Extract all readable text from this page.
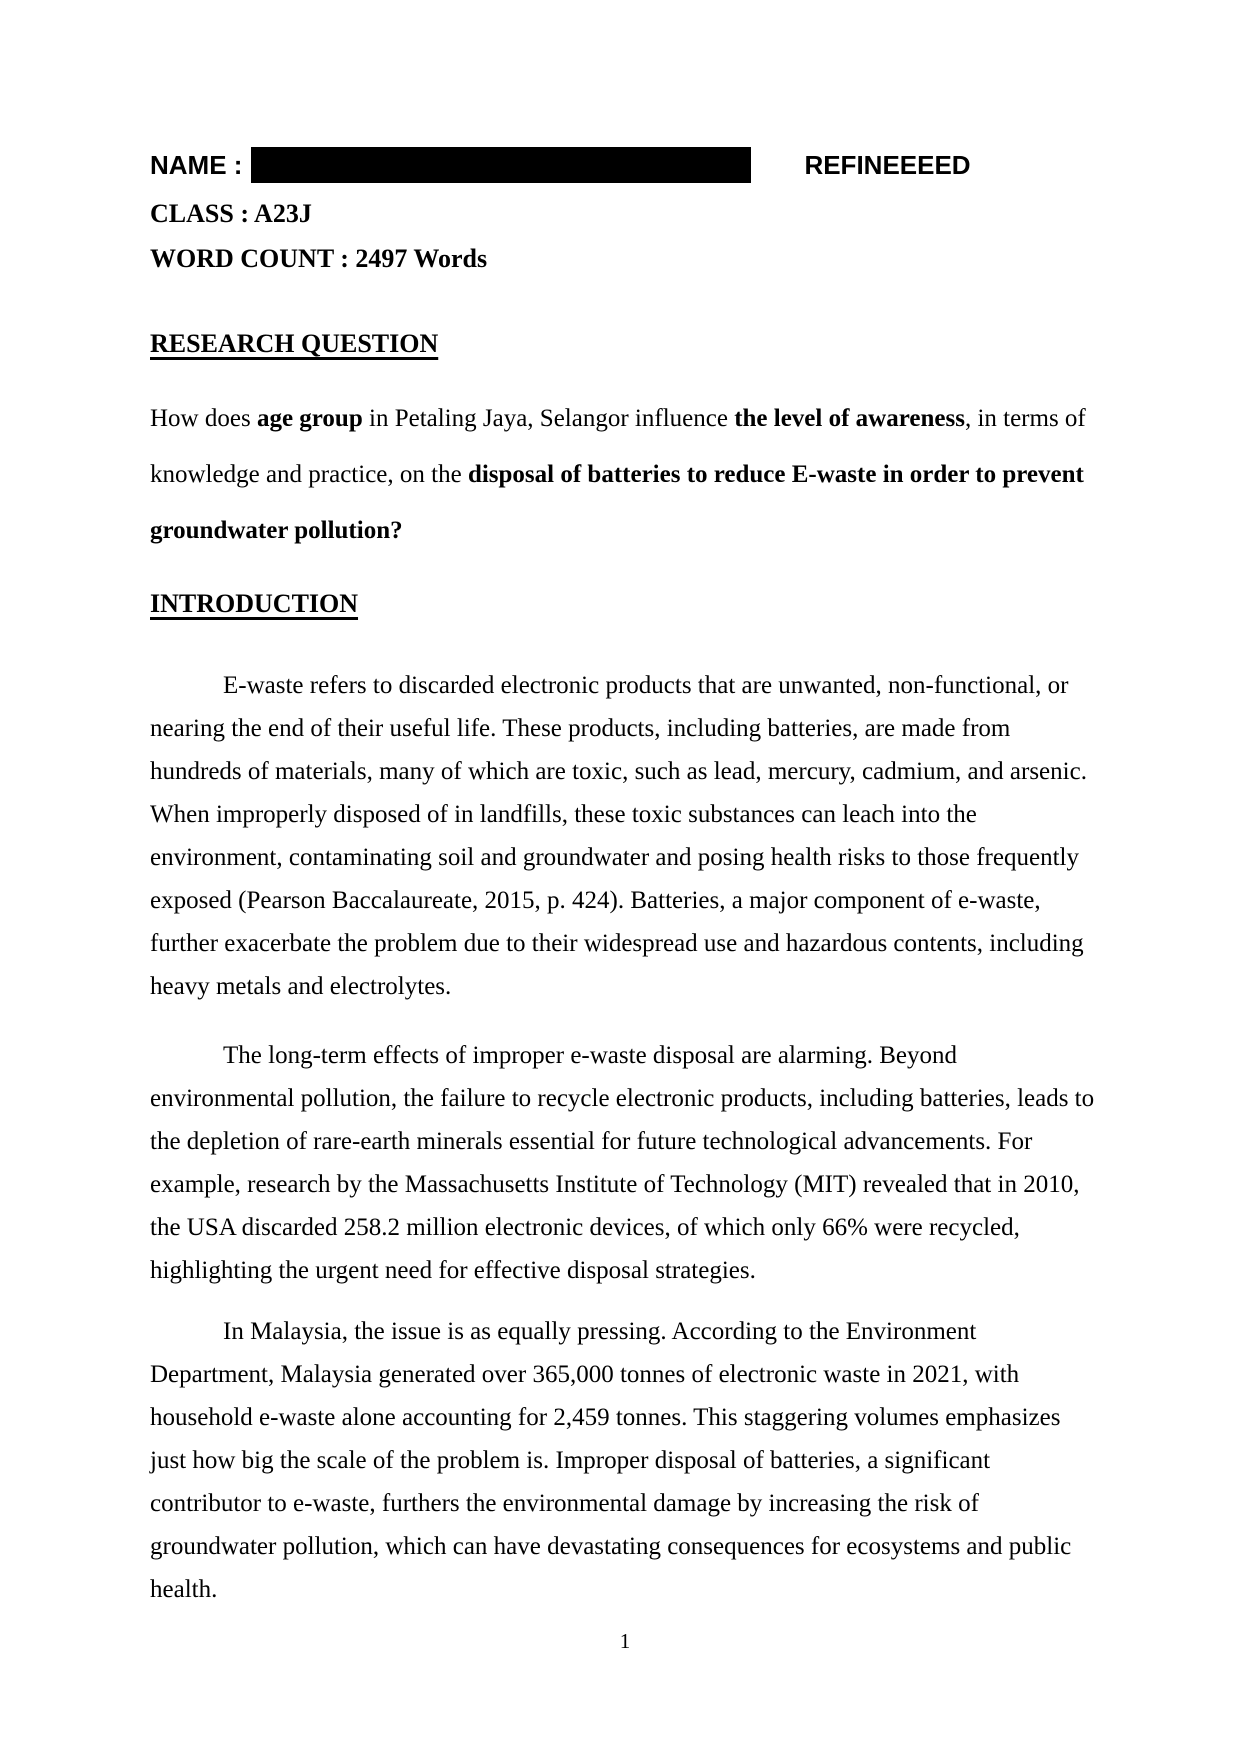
NAME :	REFINEEEED

CLASS : A23J

WORD COUNT : 2497 Words

RESEARCH QUESTION

How does age group in Petaling Jaya, Selangor influence the level of awareness, in terms of knowledge and practice, on the disposal of batteries to reduce E-waste in order to prevent groundwater pollution?

INTRODUCTION

E-waste refers to discarded electronic products that are unwanted, non-functional, or nearing the end of their useful life. These products, including batteries, are made from hundreds of materials, many of which are toxic, such as lead, mercury, cadmium, and arsenic. When improperly disposed of in landfills, these toxic substances can leach into the environment, contaminating soil and groundwater and posing health risks to those frequently exposed (Pearson Baccalaureate, 2015, p. 424). Batteries, a major component of e-waste, further exacerbate the problem due to their widespread use and hazardous contents, including heavy metals and electrolytes.

The long-term effects of improper e-waste disposal are alarming. Beyond environmental pollution, the failure to recycle electronic products, including batteries, leads to the depletion of rare-earth minerals essential for future technological advancements. For example, research by the Massachusetts Institute of Technology (MIT) revealed that in 2010, the USA discarded 258.2 million electronic devices, of which only 66% were recycled, highlighting the urgent need for effective disposal strategies.

In Malaysia, the issue is as equally pressing. According to the Environment Department, Malaysia generated over 365,000 tonnes of electronic waste in 2021, with household e-waste alone accounting for 2,459 tonnes. This staggering volumes emphasizes just how big the scale of the problem is. Improper disposal of batteries, a significant contributor to e-waste, furthers the environmental damage by increasing the risk of groundwater pollution, which can have devastating consequences for ecosystems and public health.

1
